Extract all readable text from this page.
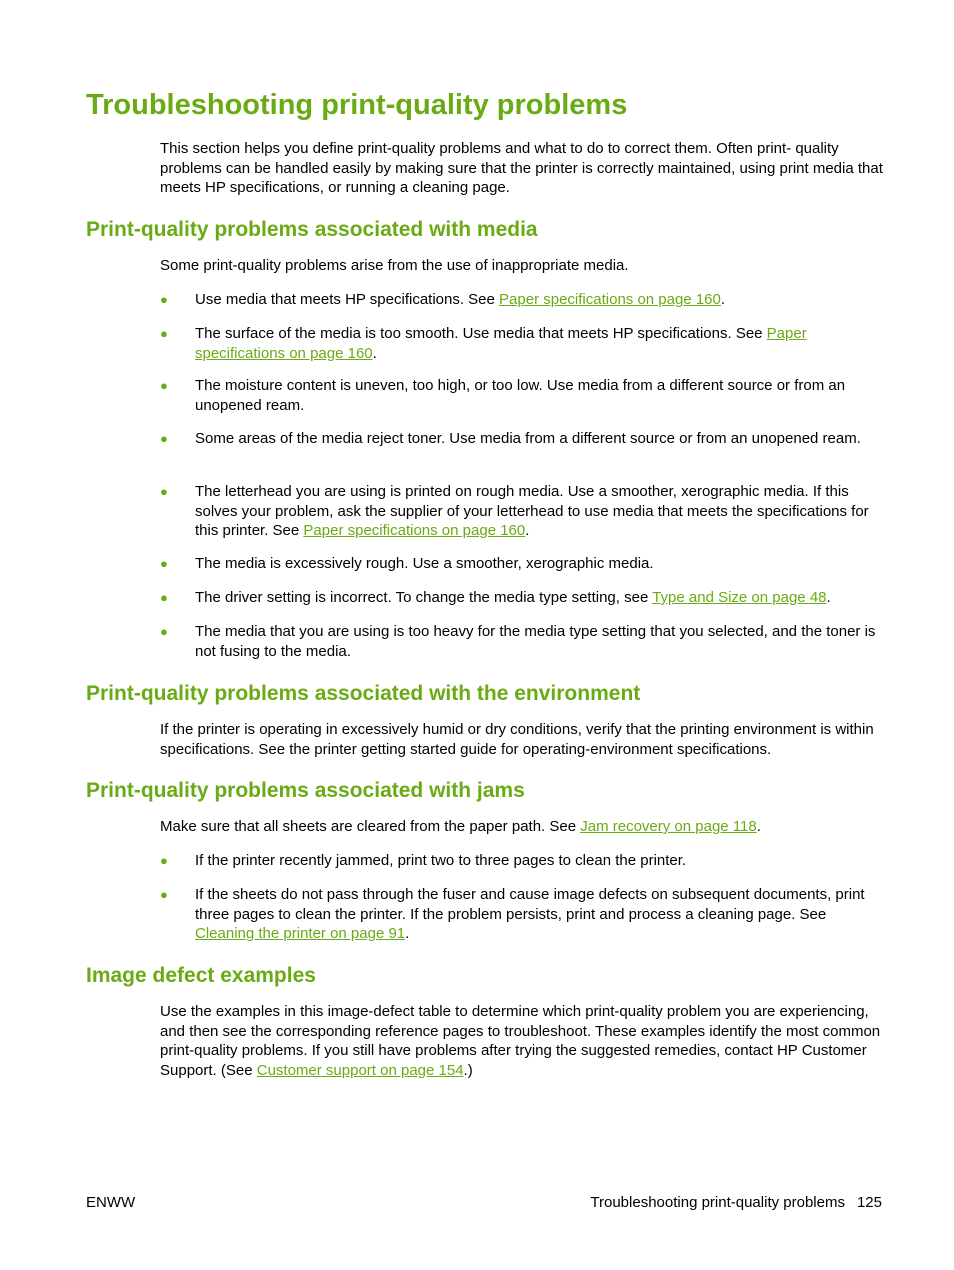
Troubleshooting print-quality problems

This section helps you define print-quality problems and what to do to correct them. Often print- quality problems can be handled easily by making sure that the printer is correctly maintained, using print media that meets HP specifications, or running a cleaning page.

Print-quality problems associated with media

Some print-quality problems arise from the use of inappropriate media.

● Use media that meets HP specifications. See Paper specifications on page 160.
● The surface of the media is too smooth. Use media that meets HP specifications. See Paper specifications on page 160.
● The moisture content is uneven, too high, or too low. Use media from a different source or from an unopened ream.
● Some areas of the media reject toner. Use media from a different source or from an unopened ream.
● The letterhead you are using is printed on rough media. Use a smoother, xerographic media. If this solves your problem, ask the supplier of your letterhead to use media that meets the specifications for this printer. See Paper specifications on page 160.
● The media is excessively rough. Use a smoother, xerographic media.
● The driver setting is incorrect. To change the media type setting, see Type and Size on page 48.
● The media that you are using is too heavy for the media type setting that you selected, and the toner is not fusing to the media.
Print-quality problems associated with the environment

If the printer is operating in excessively humid or dry conditions, verify that the printing environment is within specifications. See the printer getting started guide for operating-environment specifications.

Print-quality problems associated with jams

Make sure that all sheets are cleared from the paper path. See Jam recovery on page 118.

● If the printer recently jammed, print two to three pages to clean the printer.
● If the sheets do not pass through the fuser and cause image defects on subsequent documents, print three pages to clean the printer. If the problem persists, print and process a cleaning page. See Cleaning the printer on page 91.
Image defect examples

Use the examples in this image-defect table to determine which print-quality problem you are experiencing, and then see the corresponding reference pages to troubleshoot. These examples identify the most common print-quality problems. If you still have problems after trying the suggested remedies, contact HP Customer Support. (See Customer support on page 154.)

ENWW	Troubleshooting print-quality problems 125
